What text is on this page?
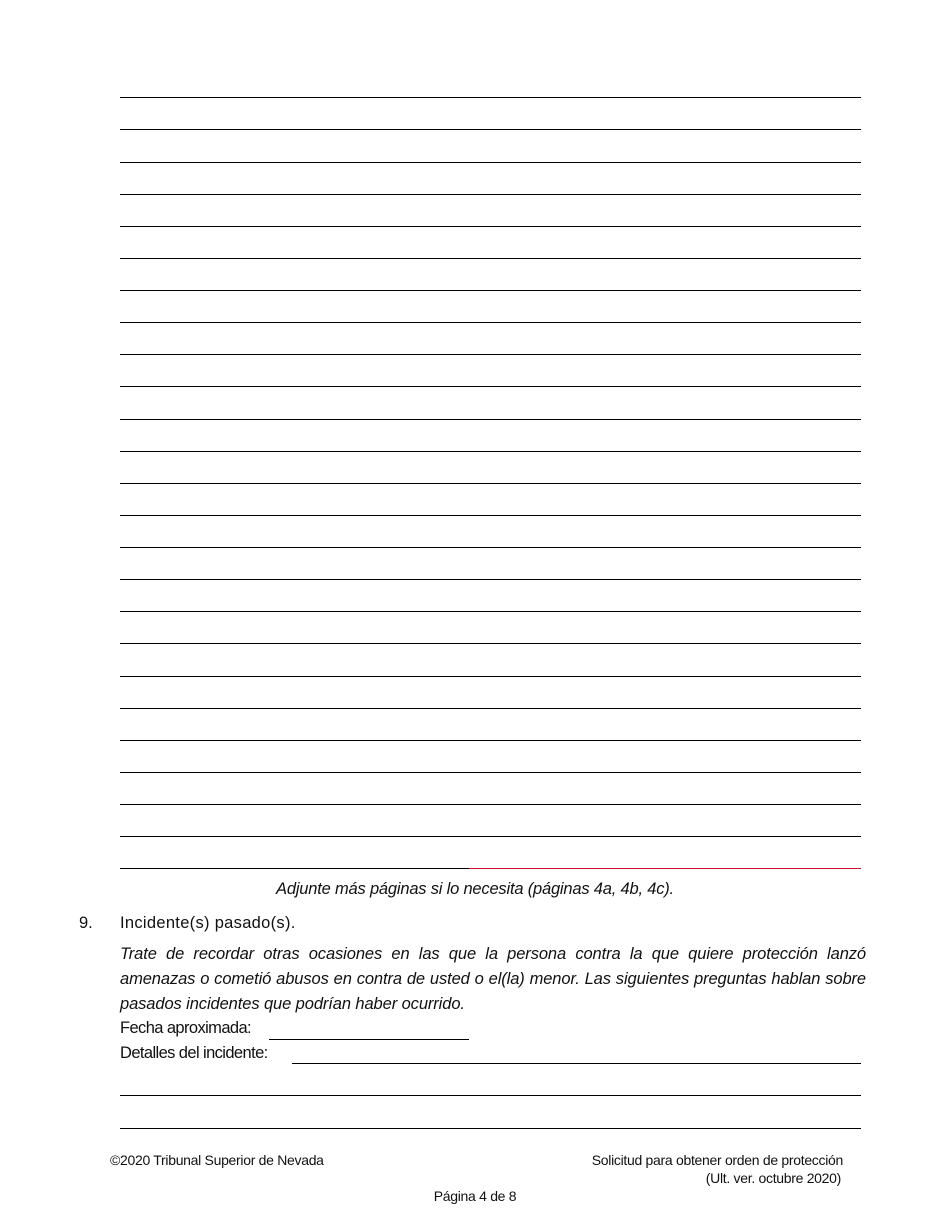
Adjunte más páginas si lo necesita (páginas 4a, 4b, 4c).
9. Incidente(s) pasado(s).
Trate de recordar otras ocasiones en las que la persona contra la que quiere protección lanzó amenazas o cometió abusos en contra de usted o el(la) menor. Las siguientes preguntas hablan sobre pasados incidentes que podrían haber ocurrido.
Fecha aproximada:
Detalles del incidente:
©2020 Tribunal Superior de Nevada	Solicitud para obtener orden de protección
(Ult. ver. octubre 2020)
Página 4 de 8
